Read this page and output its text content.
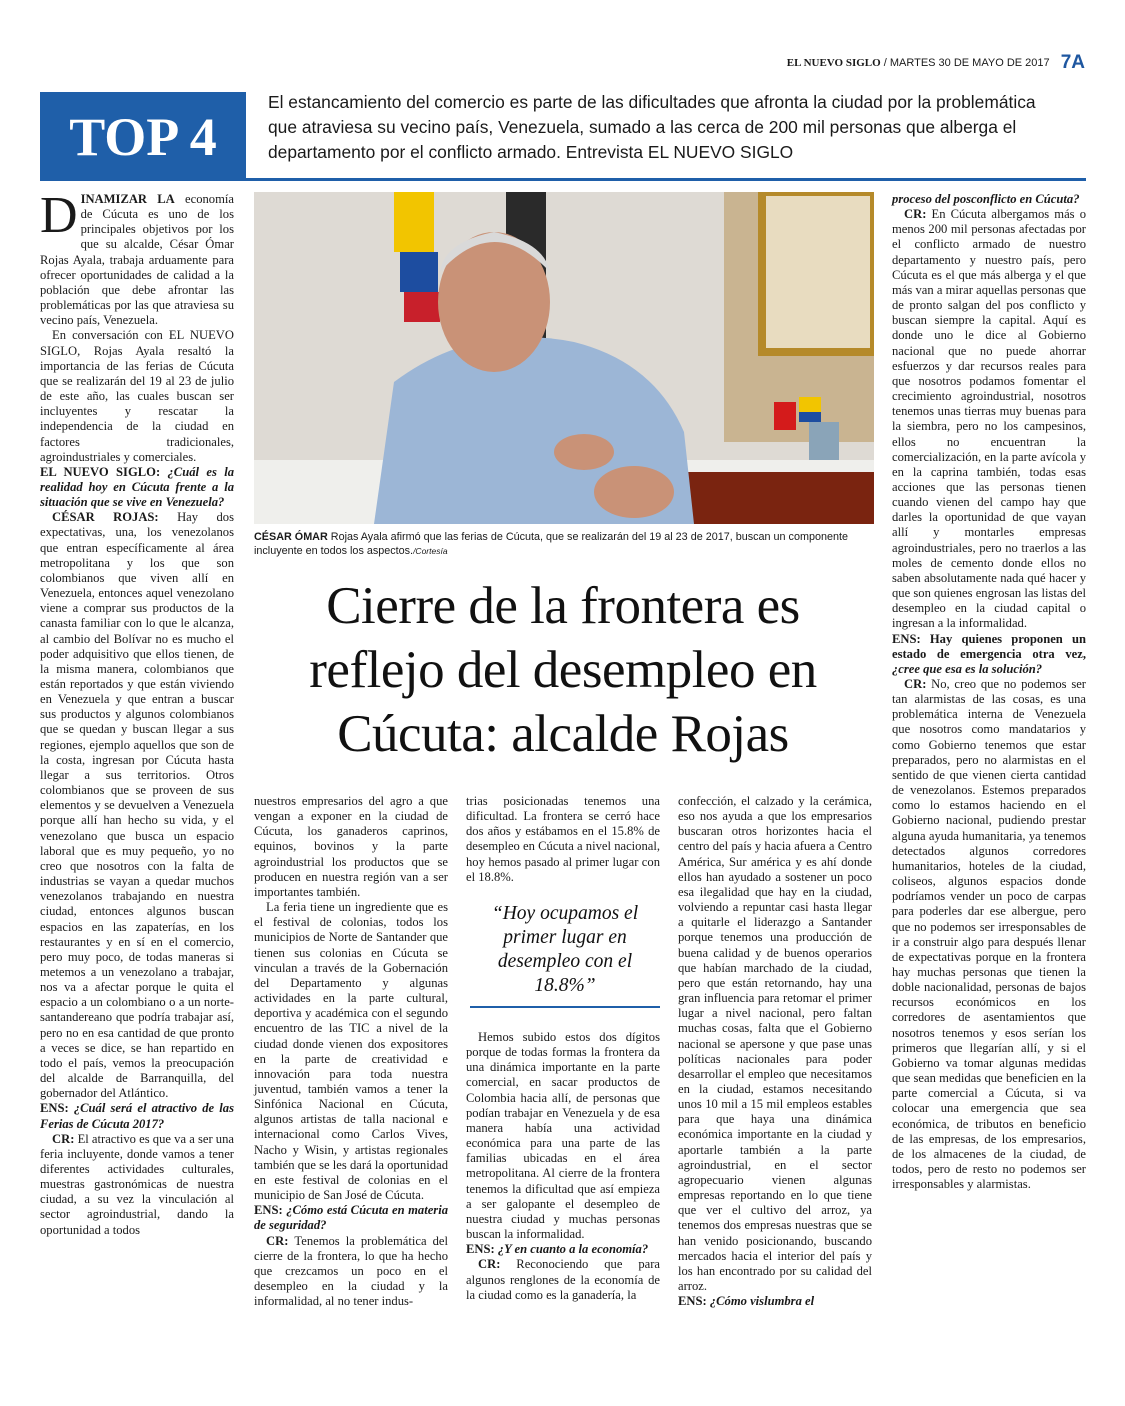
EL NUEVO SIGLO / MARTES 30 DE MAYO DE 2017 7A
TOP 4
El estancamiento del comercio es parte de las dificultades que afronta la ciudad por la problemática que atraviesa su vecino país, Venezuela, sumado a las cerca de 200 mil personas que alberga el departamento por el conflicto armado. Entrevista EL NUEVO SIGLO

DINAMIZAR LA economía de Cúcuta es uno de los principales objetivos por los que su alcalde, César Ómar Rojas Ayala, trabaja arduamente para ofrecer oportunidades de calidad a la población que debe afrontar las problemáticas por las que atraviesa su vecino país, Venezuela.

En conversación con EL NUEVO SIGLO, Rojas Ayala resaltó la importancia de las ferias de Cúcuta que se realizarán del 19 al 23 de julio de este año, las cuales buscan ser incluyentes y rescatar la independencia de la ciudad en factores tradicionales, agroindustriales y comerciales.

EL NUEVO SIGLO: ¿Cuál es la realidad hoy en Cúcuta frente a la situación que se vive en Venezuela?

CÉSAR ROJAS: Hay dos expectativas, una, los venezolanos que entran específicamente al área metropolitana y los que son colombianos que viven allí en Venezuela, entonces aquel venezolano viene a comprar sus productos de la canasta familiar con lo que le alcanza, al cambio del Bolívar no es mucho el poder adquisitivo que ellos tienen, de la misma manera, colombianos que están reportados y que están viviendo en Venezuela y que entran a buscar sus productos y algunos colombianos que se quedan y buscan llegar a sus regiones, ejemplo aquellos que son de la costa, ingresan por Cúcuta hasta llegar a sus territorios. Otros colombianos que se proveen de sus elementos y se devuelven a Venezuela porque allí han hecho su vida, y el venezolano que busca un espacio laboral que es muy pequeño, yo no creo que nosotros con la falta de industrias se vayan a quedar muchos venezolanos trabajando en nuestra ciudad, entonces algunos buscan espacios en las zapaterías, en los restaurantes y en sí en el comercio, pero muy poco, de todas maneras si metemos a un venezolano a trabajar, nos va a afectar porque le quita el espacio a un colombiano o a un norte-santandereano que podría trabajar así, pero no en esa cantidad de que pronto a veces se dice, se han repartido en todo el país, vemos la preocupación del alcalde de Barranquilla, del gobernador del Atlántico.

ENS: ¿Cuál será el atractivo de las Ferias de Cúcuta 2017?

CR: El atractivo es que va a ser una feria incluyente, donde vamos a tener diferentes actividades culturales, muestras gastronómicas de nuestra ciudad, a su vez la vinculación al sector agroindustrial, dando la oportunidad a todos

CÉSAR ÓMAR Rojas Ayala afirmó que las ferias de Cúcuta, que se realizarán del 19 al 23 de 2017, buscan un componente incluyente en todos los aspectos./Cortesía
Cierre de la frontera es reflejo del desempleo en Cúcuta: alcalde Rojas

nuestros empresarios del agro a que vengan a exponer en la ciudad de Cúcuta, los ganaderos caprinos, equinos, bovinos y la parte agroindustrial los productos que se producen en nuestra región van a ser importantes también.

La feria tiene un ingrediente que es el festival de colonias, todos los municipios de Norte de Santander que tienen sus colonias en Cúcuta se vinculan a través de la Gobernación del Departamento y algunas actividades en la parte cultural, deportiva y académica con el segundo encuentro de las TIC a nivel de la ciudad donde vienen dos expositores en la parte de creatividad e innovación para toda nuestra juventud, también vamos a tener la Sinfónica Nacional en Cúcuta, algunos artistas de talla nacional e internacional como Carlos Vives, Nacho y Wisin, y artistas regionales también que se les dará la oportunidad en este festival de colonias en el municipio de San José de Cúcuta.

ENS: ¿Cómo está Cúcuta en materia de seguridad?

CR: Tenemos la problemática del cierre de la frontera, lo que ha hecho que crezcamos un poco en el desempleo en la ciudad y la informalidad, al no tener indus-

trias posicionadas tenemos una dificultad. La frontera se cerró hace dos años y estábamos en el 15.8% de desempleo en Cúcuta a nivel nacional, hoy hemos pasado al primer lugar con el 18.8%.

“Hoy ocupamos el primer lugar en desempleo con el 18.8%”

Hemos subido estos dos dígitos porque de todas formas la frontera da una dinámica importante en la parte comercial, en sacar productos de Colombia hacia allí, de personas que podían trabajar en Venezuela y de esa manera había una actividad económica para una parte de las familias ubicadas en el área metropolitana. Al cierre de la frontera tenemos la dificultad que así empieza a ser galopante el desempleo de nuestra ciudad y muchas personas buscan la informalidad.

ENS: ¿Y en cuanto a la economía?

CR: Reconociendo que para algunos renglones de la economía de la ciudad como es la ganadería, la

confección, el calzado y la cerámica, eso nos ayuda a que los empresarios buscaran otros horizontes hacia el centro del país y hacia afuera a Centro América, Sur américa y es ahí donde ellos han ayudado a sostener un poco esa ilegalidad que hay en la ciudad, volviendo a repuntar casi hasta llegar a quitarle el liderazgo a Santander porque tenemos una producción de buena calidad y de buenos operarios que habían marchado de la ciudad, pero que están retornando, hay una gran influencia para retomar el primer lugar a nivel nacional, pero faltan muchas cosas, falta que el Gobierno nacional se apersone y que pase unas políticas nacionales para poder desarrollar el empleo que necesitamos en la ciudad, estamos necesitando unos 10 mil a 15 mil empleos estables para que haya una dinámica económica importante en la ciudad y aportarle también a la parte agroindustrial, en el sector agropecuario vienen algunas empresas reportando en lo que tiene que ver el cultivo del arroz, ya tenemos dos empresas nuestras que se han venido posicionando, buscando mercados hacia el interior del país y los han encontrado por su calidad del arroz.

ENS: ¿Cómo vislumbra el

proceso del posconflicto en Cúcuta?

CR: En Cúcuta albergamos más o menos 200 mil personas afectadas por el conflicto armado de nuestro departamento y nuestro país, pero Cúcuta es el que más alberga y el que más van a mirar aquellas personas que de pronto salgan del pos conflicto y buscan siempre la capital. Aquí es donde uno le dice al Gobierno nacional que no puede ahorrar esfuerzos y dar recursos reales para que nosotros podamos fomentar el crecimiento agroindustrial, nosotros tenemos unas tierras muy buenas para la siembra, pero no los campesinos, ellos no encuentran la comercialización, en la parte avícola y en la caprina también, todas esas acciones que las personas tienen cuando vienen del campo hay que darles la oportunidad de que vayan allí y montarles empresas agroindustriales, pero no traerlos a las moles de cemento donde ellos no saben absolutamente nada qué hacer y que son quienes engrosan las listas del desempleo en la ciudad capital o ingresan a la informalidad.

ENS: Hay quienes proponen un estado de emergencia otra vez, ¿cree que esa es la solución?

CR: No, creo que no podemos ser tan alarmistas de las cosas, es una problemática interna de Venezuela que nosotros como mandatarios y como Gobierno tenemos que estar preparados, pero no alarmistas en el sentido de que vienen cierta cantidad de venezolanos. Estemos preparados como lo estamos haciendo en el Gobierno nacional, pudiendo prestar alguna ayuda humanitaria, ya tenemos detectados algunos corredores humanitarios, hoteles de la ciudad, coliseos, algunos espacios donde podríamos vender un poco de carpas para poderles dar ese albergue, pero que no podemos ser irresponsables de ir a construir algo para después llenar de expectativas porque en la frontera hay muchas personas que tienen la doble nacionalidad, personas de bajos recursos económicos en los corredores de asentamientos que nosotros tenemos y esos serían los primeros que llegarían allí, y si el Gobierno va tomar algunas medidas que sean medidas que beneficien en la parte comercial a Cúcuta, si va colocar una emergencia que sea económica, de tributos en beneficio de las empresas, de los empresarios, de los almacenes de la ciudad, de todos, pero de resto no podemos ser irresponsables y alarmistas.
